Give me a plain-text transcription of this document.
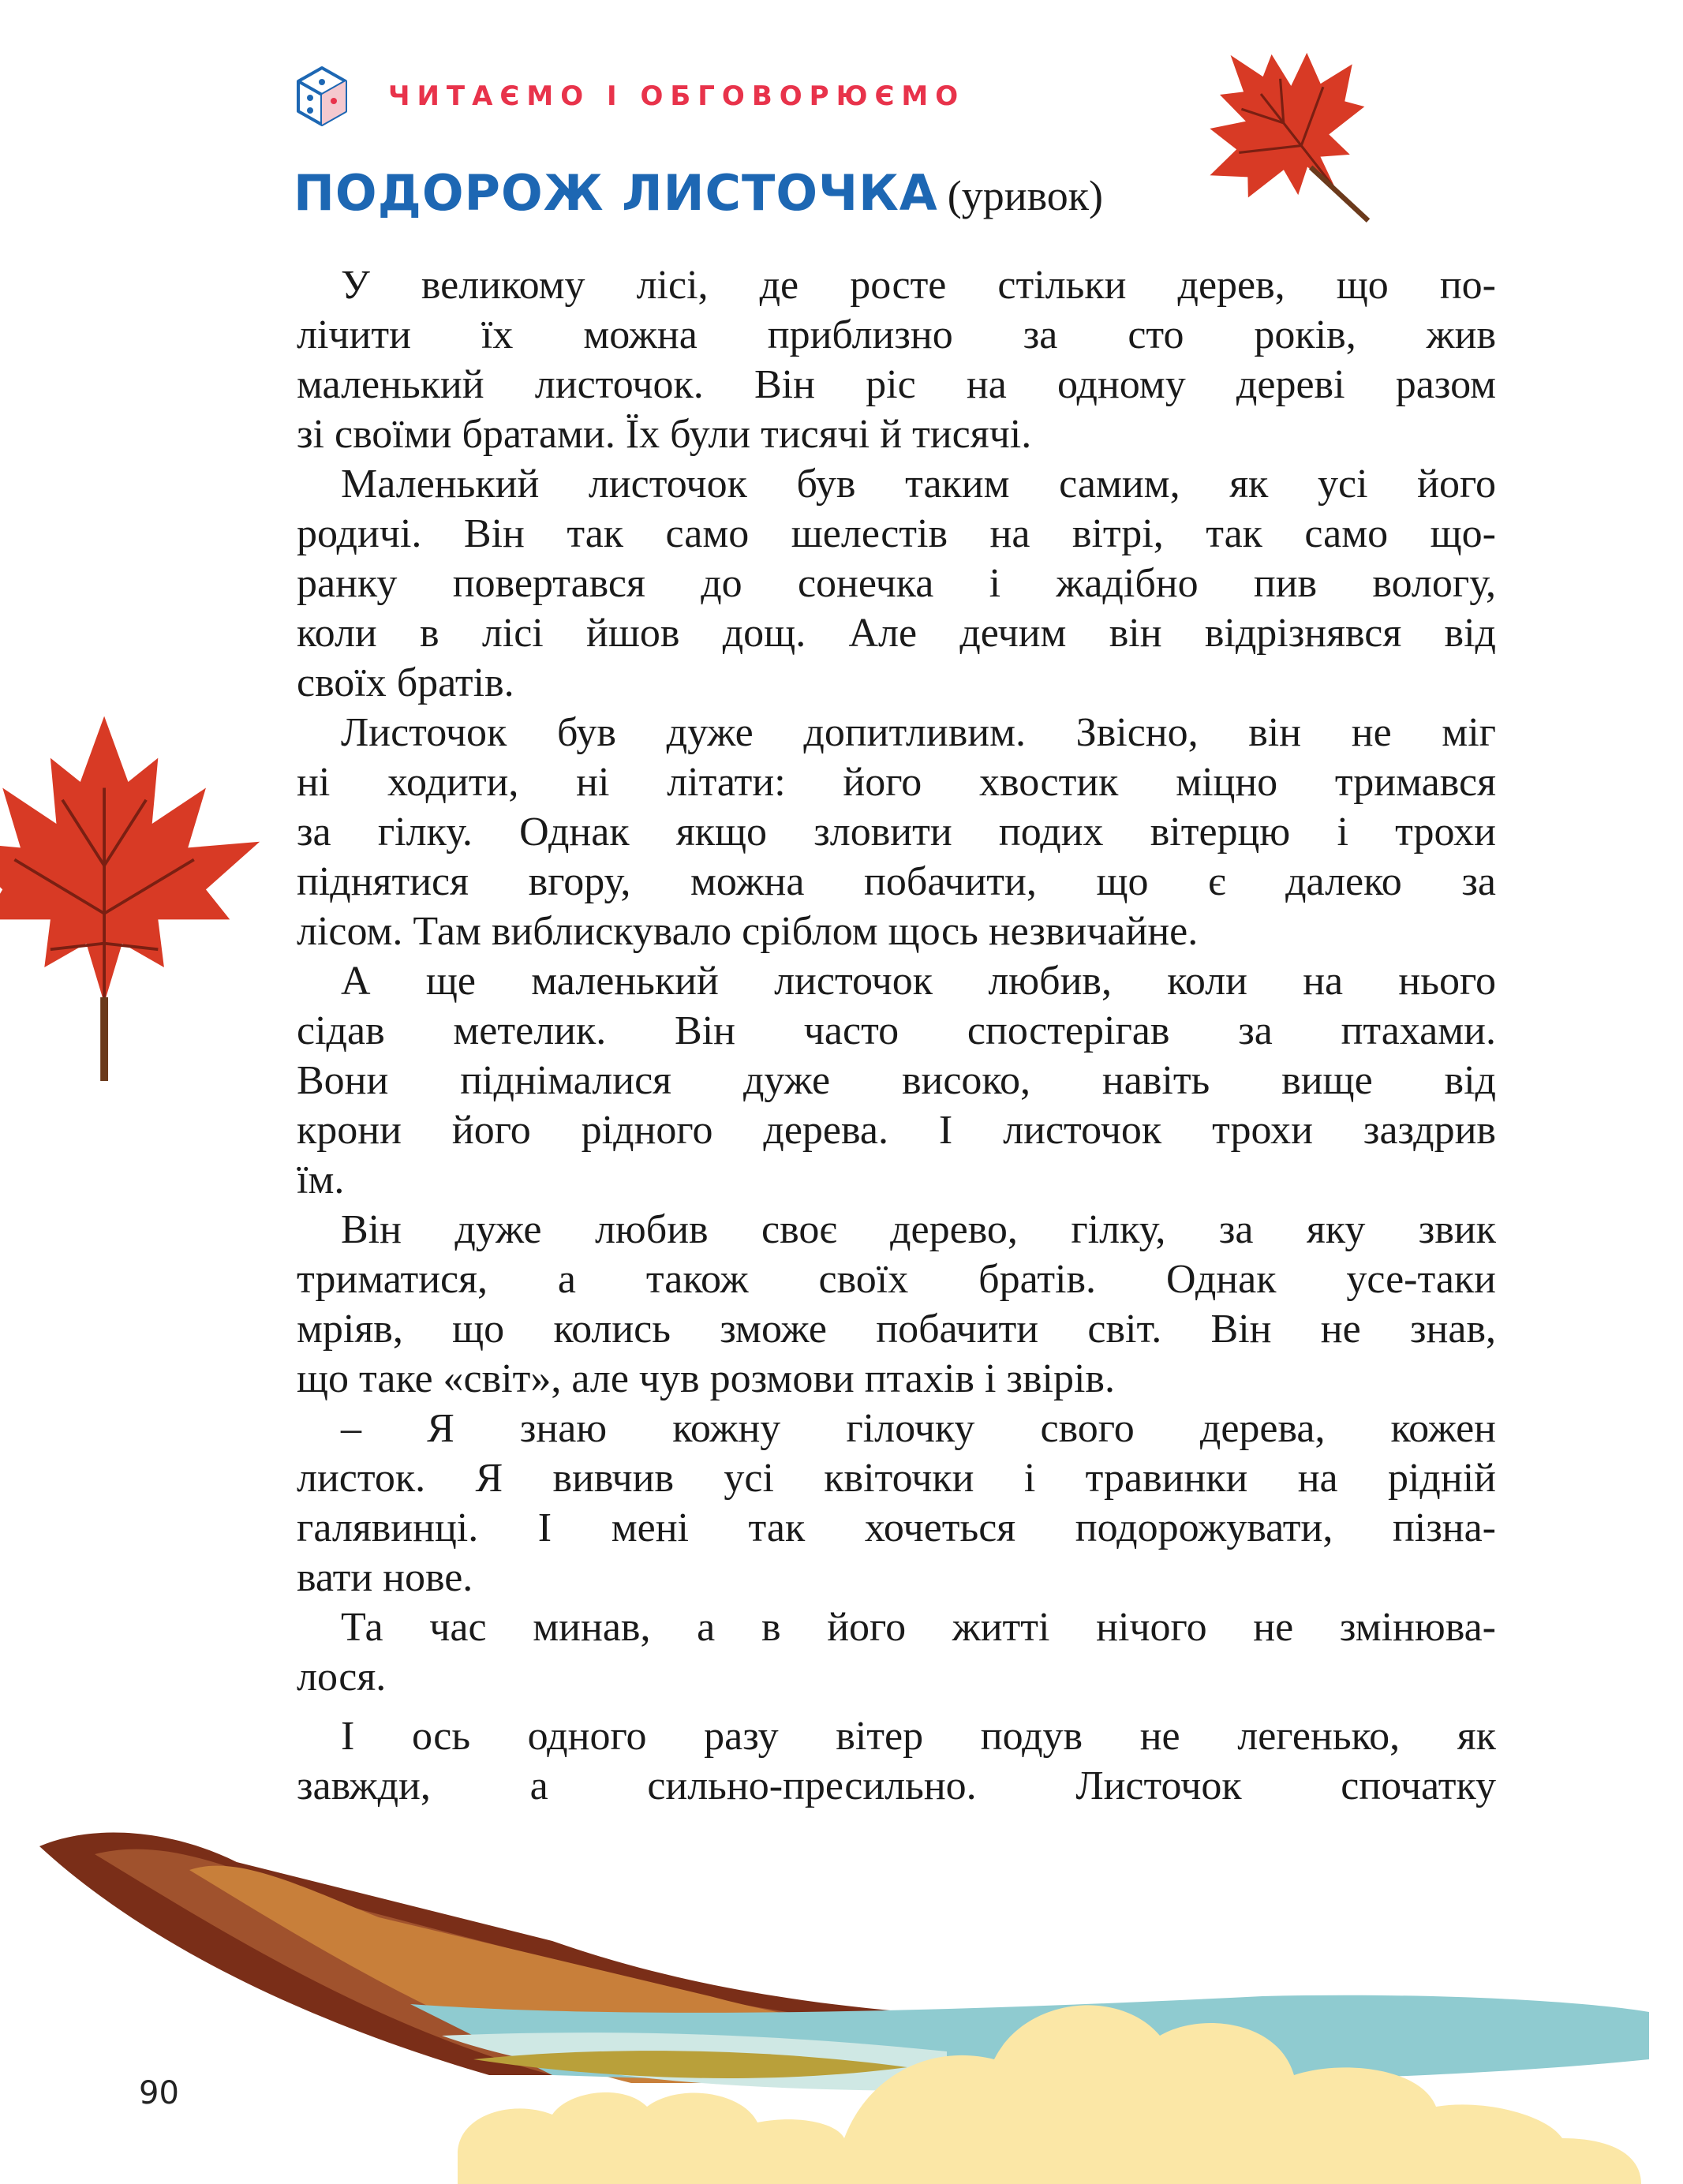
ЧИТАЄМО І ОБГОВОРЮЄМО
ПОДОРОЖ ЛИСТОЧКА (уривок)

У великому лісі, де росте стільки дерев, що по-
лічити їх можна приблизно за сто років, жив
маленький листочок. Він ріс на одному дереві разом
зі своїми братами. Їх були тисячі й тисячі.

Маленький листочок був таким самим, як усі його
родичі. Він так само шелестів на вітрі, так само що-
ранку повертався до сонечка і жадібно пив вологу,
коли в лісі йшов дощ. Але дечим він відрізнявся від
своїх братів.

Листочок був дуже допитливим. Звісно, він не міг
ні ходити, ні літати: його хвостик міцно тримався
за гілку. Однак якщо зловити подих вітерцю і трохи
піднятися вгору, можна побачити, що є далеко за
лісом. Там виблискувало сріблом щось незвичайне.

А ще маленький листочок любив, коли на нього
сідав метелик. Він часто спостерігав за птахами.
Вони піднімалися дуже високо, навіть вище від
крони його рідного дерева. І листочок трохи заздрив
їм.

Він дуже любив своє дерево, гілку, за яку звик
триматися, а також своїх братів. Однак усе-таки
мріяв, що колись зможе побачити світ. Він не знав,
що таке «світ», але чув розмови птахів і звірів.

– Я знаю кожну гілочку свого дерева, кожен
листок. Я вивчив усі квіточки і травинки на рідній
галявинці. І мені так хочеться подорожувати, пізна-
вати нове.

Та час минав, а в його житті нічого не змінюва-
лося.

І ось одного разу вітер подув не легенько, як
завжди, а сильно-пресильно. Листочок спочатку

90
